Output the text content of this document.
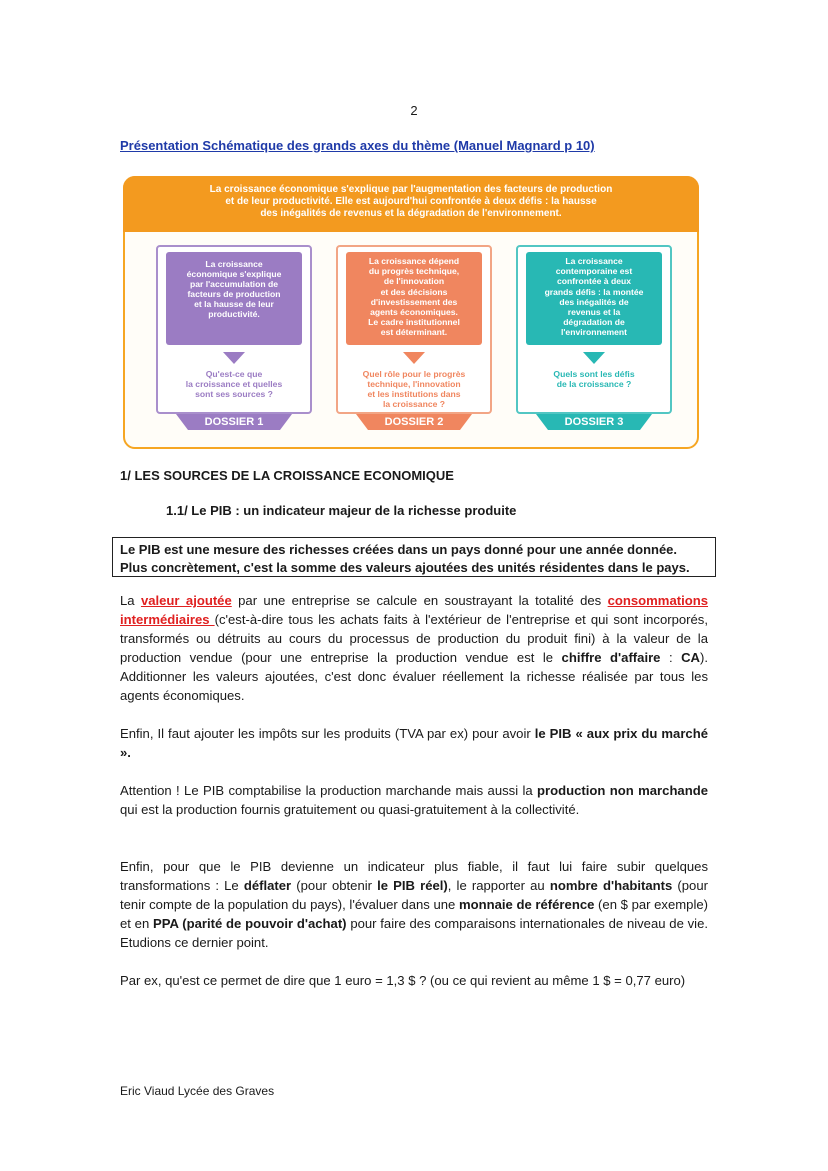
2
Présentation Schématique des grands axes du thème (Manuel Magnard p 10)
La croissance économique s'explique par l'augmentation des facteurs de production
et de leur productivité. Elle est aujourd'hui confrontée à deux défis : la hausse
des inégalités de revenus et la dégradation de l'environnement.
La croissance
économique s'explique
par l'accumulation de
facteurs de production
et la hausse de leur
productivité.
Qu'est-ce que
la croissance et quelles
sont ses sources ?
DOSSIER 1
La croissance dépend
du progrès technique,
de l'innovation
et des décisions
d'investissement des
agents économiques.
Le cadre institutionnel
est déterminant.
Quel rôle pour le progrès
technique, l'innovation
et les institutions dans
la croissance ?
DOSSIER 2
La croissance
contemporaine est
confrontée à deux
grands défis : la montée
des inégalités de
revenus et la
dégradation de
l'environnement
Quels sont les défis
de la croissance ?
DOSSIER 3
1/ LES SOURCES DE LA CROISSANCE ECONOMIQUE
1.1/ Le PIB : un indicateur majeur de la richesse produite
Le PIB est une mesure des richesses créées dans un pays donné pour une année donnée.
Plus concrètement, c'est la somme des valeurs ajoutées des unités résidentes dans le pays.
La valeur ajoutée par une entreprise se calcule en soustrayant la totalité des consommations intermédiaires (c'est-à-dire tous les achats faits à l'extérieur de l'entreprise et qui sont incorporés, transformés ou détruits au cours du processus de production du produit fini) à la valeur de la production vendue (pour une entreprise la production vendue est le chiffre d'affaire : CA). Additionner les valeurs ajoutées, c'est donc évaluer réellement la richesse réalisée par tous les agents économiques.
Enfin, Il faut ajouter les impôts sur les produits (TVA par ex) pour avoir le PIB « aux prix du marché ».
Attention ! Le PIB comptabilise la production marchande mais aussi la production non marchande qui est la production fournis gratuitement ou quasi-gratuitement à la collectivité.
Enfin, pour que le PIB devienne un indicateur plus fiable, il faut lui faire subir quelques transformations : Le déflater (pour obtenir le PIB réel), le rapporter au nombre d'habitants (pour tenir compte de la population du pays), l'évaluer dans une monnaie de référence (en $ par exemple) et en PPA (parité de pouvoir d'achat) pour faire des comparaisons internationales de niveau de vie. Etudions ce dernier point.
Par ex, qu'est ce permet de dire que 1 euro = 1,3 $ ? (ou ce qui revient au même 1 $ = 0,77 euro)
Eric Viaud Lycée des Graves
